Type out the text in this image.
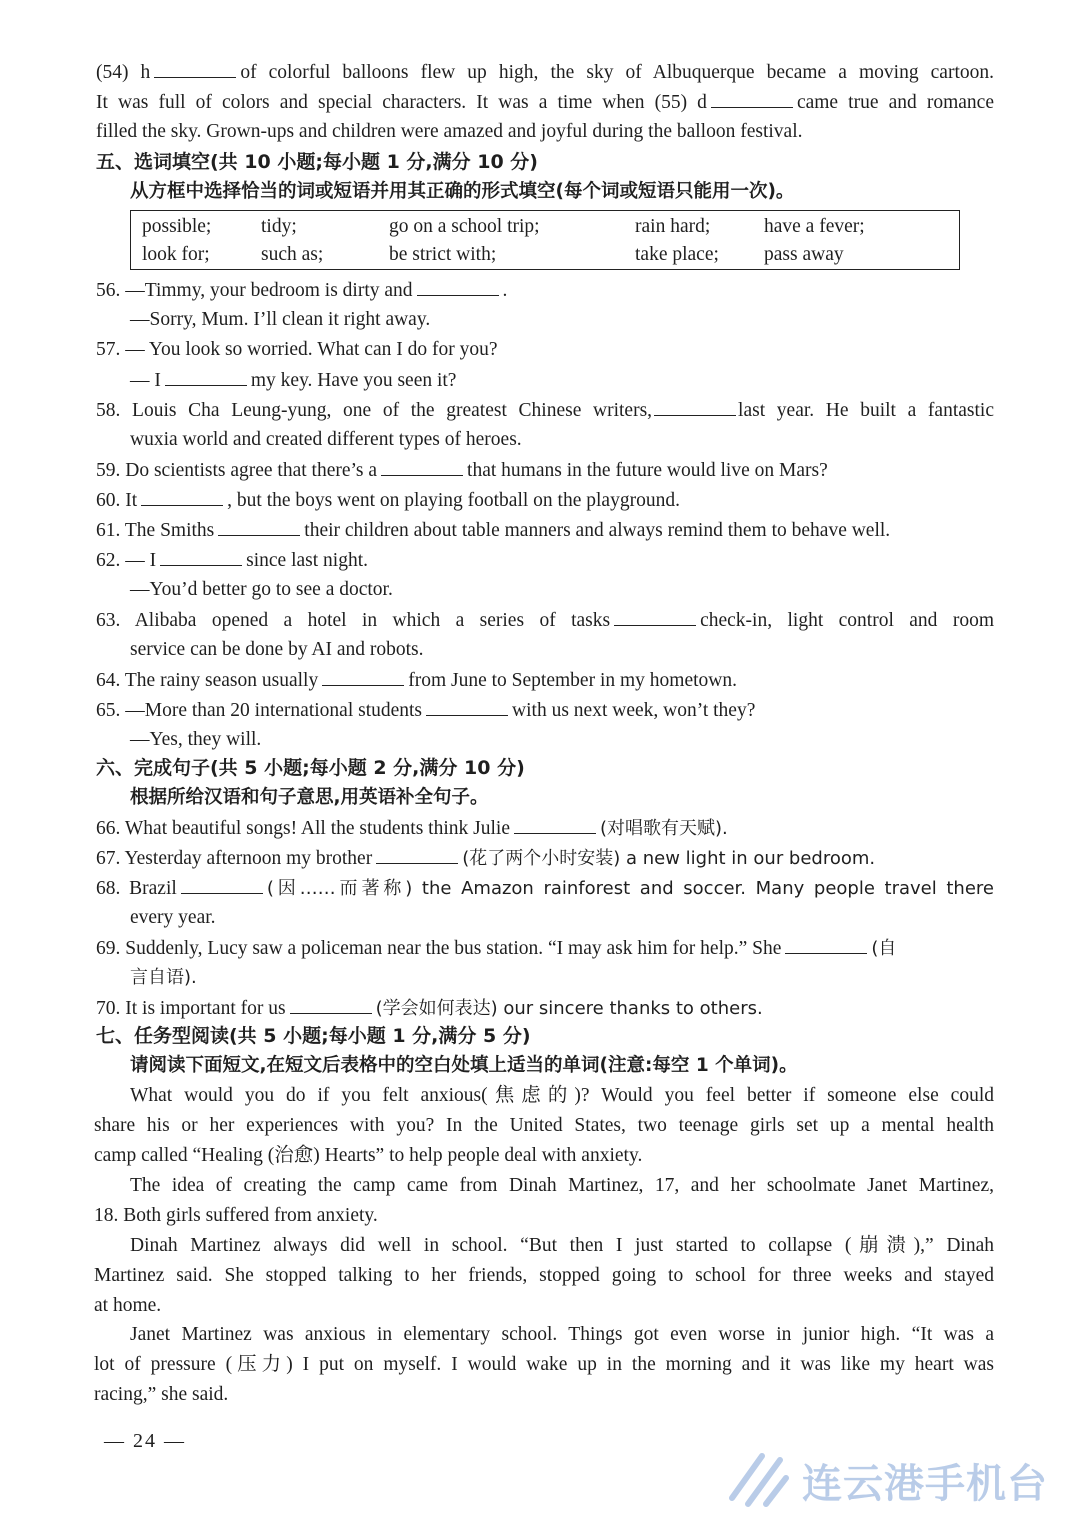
(54) h	of colorful balloons flew up high, the sky of Albuquerque became a moving cartoon.
It was full of colors and special characters. It was a time when (55) d	came true and romance
filled the sky. Grown-ups and children were amazed and joyful during the balloon festival.
五、选词填空(共 10 小题;每小题 1 分,满分 10 分)
从方框中选择恰当的词或短语并用其正确的形式填空(每个词或短语只能用一次)。
possible;	tidy;	go on a school trip;	rain hard;	have a fever;
look for;	such as;	be strict with;	take place; pass away
56. —Timmy, your bedroom is dirty and	.
—Sorry, Mum. I’ll clean it right away.
57. — You look so worried. What can I do for you?
— I	my key. Have you seen it?
58. Louis Cha Leung-yung, one of the greatest Chinese writers,	last year. He built a fantastic
wuxia world and created different types of heroes.
59. Do scientists agree that there’s a	that humans in the future would live on Mars?
60. It	, but the boys went on playing football on the playground.
61. The Smiths	their children about table manners and always remind them to behave well.
62. — I	since last night.
—You’d better go to see a doctor.
63. Alibaba opened a hotel in which a series of tasks	check-in, light control and room
service can be done by AI and robots.
64. The rainy season usually	from June to September in my hometown.
65. —More than 20 international students	with us next week, won’t they?
—Yes, they will.
六、完成句子(共 5 小题;每小题 2 分,满分 10 分)
根据所给汉语和句子意思,用英语补全句子。
66. What beautiful songs! All the students think Julie	(对唱歌有天赋).
67. Yesterday afternoon my brother	(花了两个小时安装) a new light in our bedroom.
68. Brazil	(因……而著称) the Amazon rainforest and soccer. Many people travel there
every year.
69. Suddenly, Lucy saw a policeman near the bus station. “I may ask him for help.” She	(自
言自语).
70. It is important for us	(学会如何表达) our sincere thanks to others.
七、任务型阅读(共 5 小题;每小题 1 分,满分 5 分)
请阅读下面短文,在短文后表格中的空白处填上适当的单词(注意:每空 1 个单词)。
What would you do if you felt anxious(焦虑的)? Would you feel better if someone else could
share his or her experiences with you? In the United States, two teenage girls set up a mental health
camp called “Healing (治愈) Hearts” to help people deal with anxiety.
The idea of creating the camp came from Dinah Martinez, 17, and her schoolmate Janet Martinez,
18. Both girls suffered from anxiety.
Dinah Martinez always did well in school. “But then I just started to collapse (崩溃),” Dinah
Martinez said. She stopped talking to her friends, stopped going to school for three weeks and stayed
at home.
Janet Martinez was anxious in elementary school. Things got even worse in junior high. “It was a
lot of pressure (压力) I put on myself. I would wake up in the morning and it was like my heart was
racing,” she said.
— 24 —
连云港手机台
